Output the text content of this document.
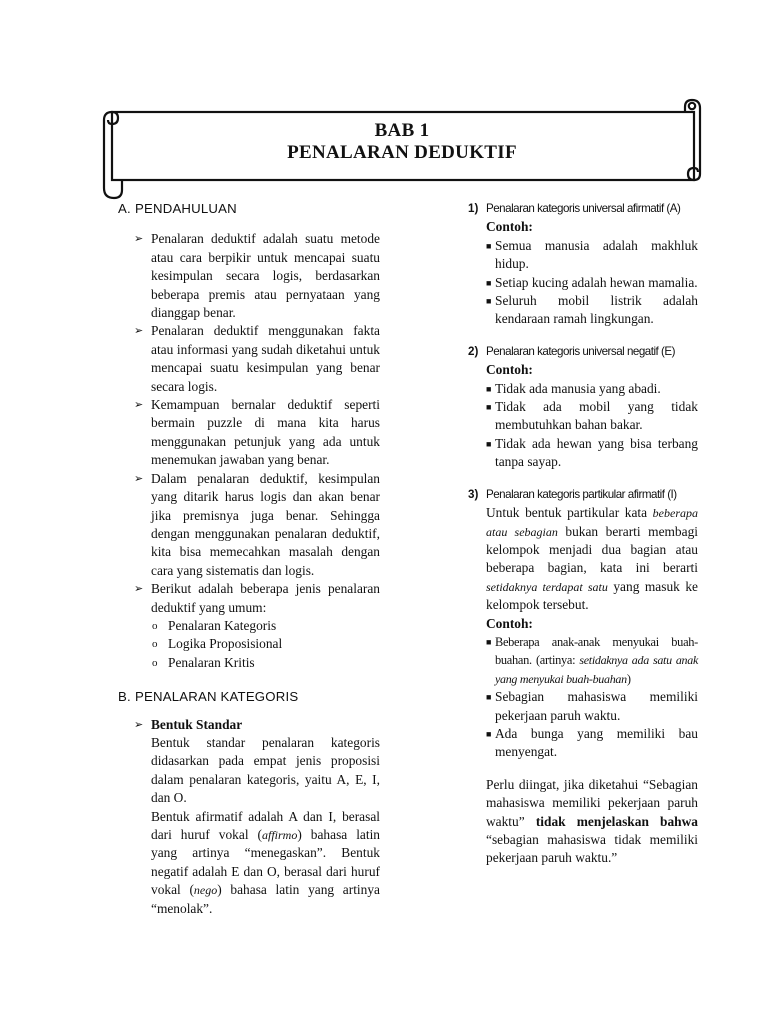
BAB 1
PENALARAN DEDUKTIF
A. PENDAHULUAN
➢ Penalaran deduktif adalah suatu metode atau cara berpikir untuk mencapai suatu kesimpulan secara logis, berdasarkan beberapa premis atau pernyataan yang dianggap benar.
➢ Penalaran deduktif menggunakan fakta atau informasi yang sudah diketahui untuk mencapai suatu kesimpulan yang benar secara logis.
➢ Kemampuan bernalar deduktif seperti bermain puzzle di mana kita harus menggunakan petunjuk yang ada untuk menemukan jawaban yang benar.
➢ Dalam penalaran deduktif, kesimpulan yang ditarik harus logis dan akan benar jika premisnya juga benar. Sehingga dengan menggunakan penalaran deduktif, kita bisa memecahkan masalah dengan cara yang sistematis dan logis.
➢ Berikut adalah beberapa jenis penalaran deduktif yang umum:
o Penalaran Kategoris
o Logika Proposisional
o Penalaran Kritis
B. PENALARAN KATEGORIS
➢ Bentuk Standar
Bentuk standar penalaran kategoris didasarkan pada empat jenis proposisi dalam penalaran kategoris, yaitu A, E, I, dan O.
Bentuk afirmatif adalah A dan I, berasal dari huruf vokal (affirmo) bahasa latin yang artinya “menegaskan”. Bentuk negatif adalah E dan O, berasal dari huruf vokal (nego) bahasa latin yang artinya “menolak”.
1) Penalaran kategoris universal afirmatif (A)
Contoh:
■ Semua manusia adalah makhluk hidup.
■ Setiap kucing adalah hewan mamalia.
■ Seluruh mobil listrik adalah kendaraan ramah lingkungan.
2) Penalaran kategoris universal negatif (E)
Contoh:
■ Tidak ada manusia yang abadi.
■ Tidak ada mobil yang tidak membutuhkan bahan bakar.
■ Tidak ada hewan yang bisa terbang tanpa sayap.
3) Penalaran kategoris partikular afirmatif (I)
Untuk bentuk partikular kata beberapa atau sebagian bukan berarti membagi kelompok menjadi dua bagian atau beberapa bagian, kata ini berarti setidaknya terdapat satu yang masuk ke kelompok tersebut.
Contoh:
■ Beberapa anak-anak menyukai buah-buahan. (artinya: setidaknya ada satu anak yang menyukai buah-buahan)
■ Sebagian mahasiswa memiliki pekerjaan paruh waktu.
■ Ada bunga yang memiliki bau menyengat.
Perlu diingat, jika diketahui “Sebagian mahasiswa memiliki pekerjaan paruh waktu” tidak menjelaskan bahwa “sebagian mahasiswa tidak memiliki pekerjaan paruh waktu.”
